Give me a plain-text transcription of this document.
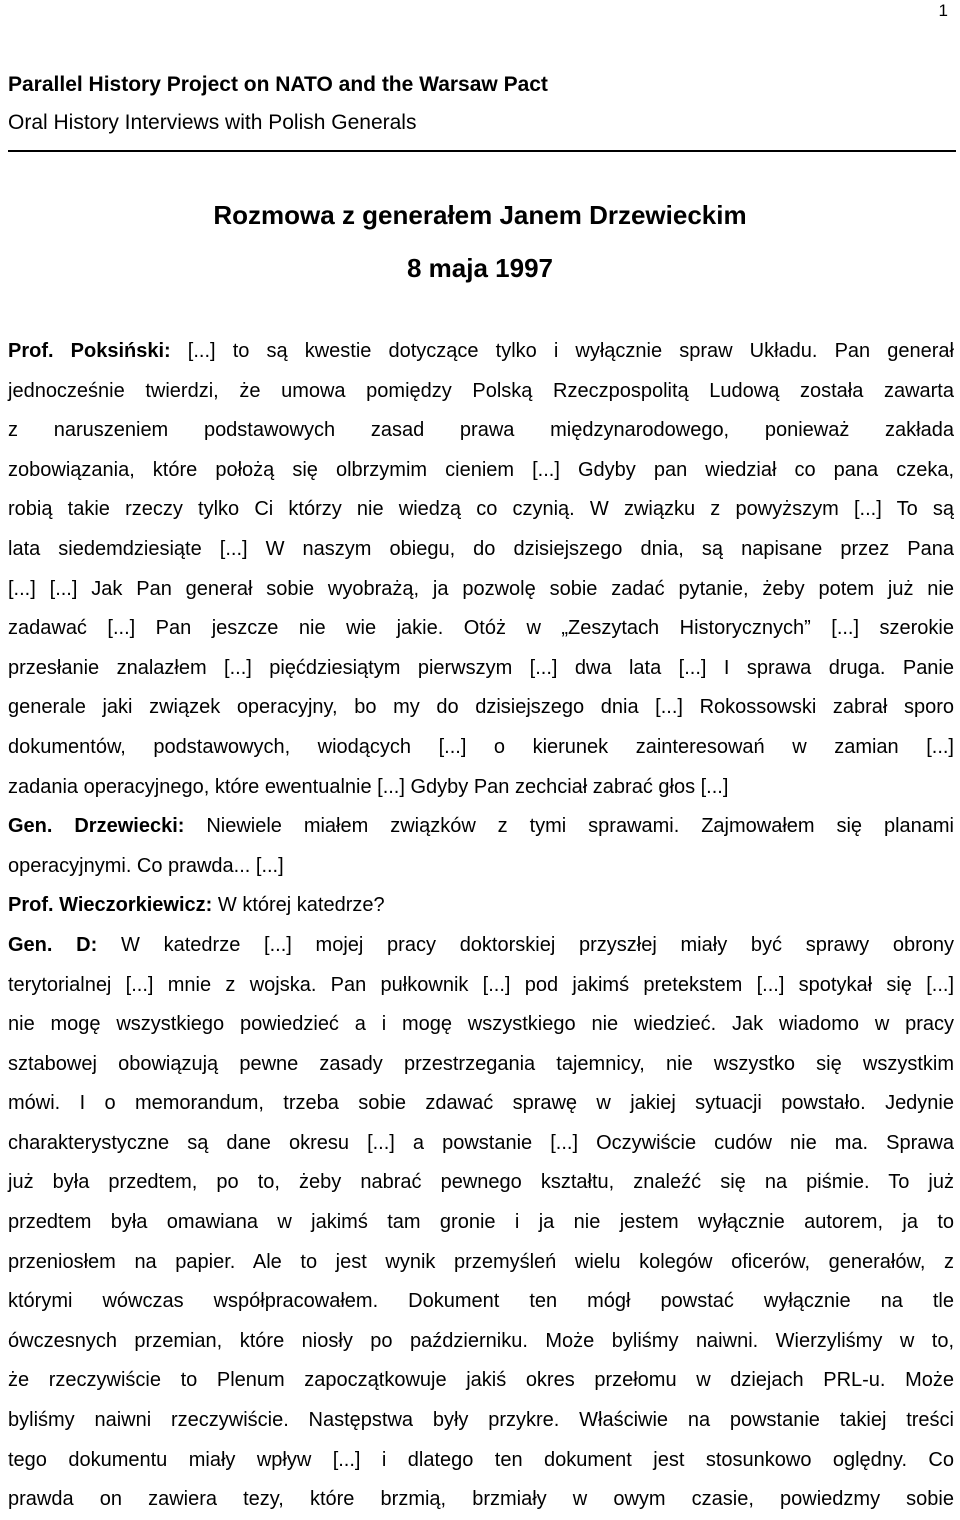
1
Parallel History Project on NATO and the Warsaw Pact
Oral History Interviews with Polish Generals
Rozmowa z generałem Janem Drzewieckim
8 maja 1997
Prof. Poksiński: [...] to są kwestie dotyczące tylko i wyłącznie spraw Układu. Pan generał
jednocześnie twierdzi, że umowa pomiędzy Polską Rzeczpospolitą Ludową została zawarta
z naruszeniem podstawowych zasad prawa międzynarodowego, ponieważ zakłada
zobowiązania, które położą się olbrzymim cieniem [...] Gdyby pan wiedział co pana czeka,
robią takie rzeczy tylko Ci którzy nie wiedzą co czynią. W związku z powyższym [...] To są
lata siedemdziesiąte [...] W naszym obiegu, do dzisiejszego dnia, są napisane przez Pana
[...] [...] Jak Pan generał sobie wyobrażą, ja pozwolę sobie zadać pytanie, żeby potem już nie
zadawać [...] Pan jeszcze nie wie jakie. Otóż w „Zeszytach Historycznych” [...] szerokie
przesłanie znalazłem [...] pięćdziesiątym pierwszym [...] dwa lata [...] I sprawa druga. Panie
generale jaki związek operacyjny, bo my do dzisiejszego dnia [...] Rokossowski zabrał sporo
dokumentów, podstawowych, wiodących [...] o kierunek zainteresowań w zamian [...]
zadania operacyjnego, które ewentualnie [...] Gdyby Pan zechciał zabrać głos [...]
Gen. Drzewiecki: Niewiele miałem związków z tymi sprawami. Zajmowałem się planami
operacyjnymi. Co prawda... [...]
Prof. Wieczorkiewicz: W której katedrze?
Gen. D: W katedrze [...] mojej pracy doktorskiej przyszłej miały być sprawy obrony
terytorialnej [...] mnie z wojska. Pan pułkownik [...] pod jakimś pretekstem [...] spotykał się [...]
nie mogę wszystkiego powiedzieć a i mogę wszystkiego nie wiedzieć. Jak wiadomo w pracy
sztabowej obowiązują pewne zasady przestrzegania tajemnicy, nie wszystko się wszystkim
mówi. I o memorandum, trzeba sobie zdawać sprawę w jakiej sytuacji powstało. Jedynie
charakterystyczne są dane okresu [...] a powstanie [...] Oczywiście cudów nie ma. Sprawa
już była przedtem, po to, żeby nabrać pewnego kształtu, znaleźć się na piśmie. To już
przedtem była omawiana w jakimś tam gronie i ja nie jestem wyłącznie autorem, ja to
przeniosłem na papier. Ale to jest wynik przemyśleń wielu kolegów oficerów, generałów, z
którymi wówczas współpracowałem. Dokument ten mógł powstać wyłącznie na tle
ówczesnych przemian, które niosły po październiku. Może byliśmy naiwni. Wierzyliśmy w to,
że rzeczywiście to Plenum zapoczątkowuje jakiś okres przełomu w dziejach PRL-u. Może
byliśmy naiwni rzeczywiście. Następstwa były przykre. Właściwie na powstanie takiej treści
tego dokumentu miały wpływ [...] i dlatego ten dokument jest stosunkowo oględny. Co
prawda on zawiera tezy, które brzmią, brzmiały w owym czasie, powiedzmy sobie
